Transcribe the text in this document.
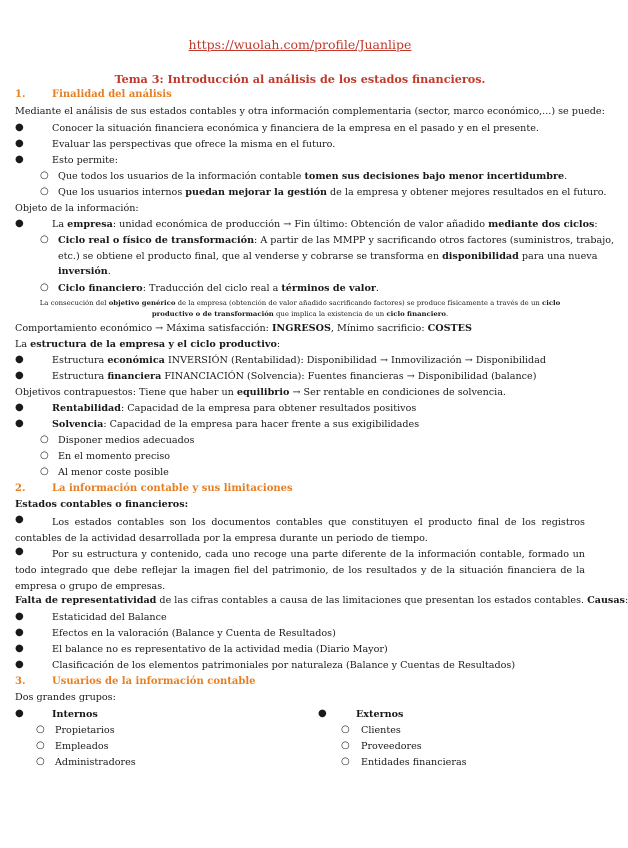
https://wuolah.com/profile/Juanlipe
Tema 3: Introducción al análisis de los estados financieros.
1.	Finalidad del análisis
Mediante el análisis de sus estados contables y otra información complementaria (sector, marco económico,...) se puede:
●	Conocer la situación financiera económica y financiera de la empresa en el pasado y en el presente.
●	Evaluar las perspectivas que ofrece la misma en el futuro.
●	Esto permite:
○ Que todos los usuarios de la información contable tomen sus decisiones bajo menor incertidumbre.
○ Que los usuarios internos puedan mejorar la gestión de la empresa y obtener mejores resultados en el futuro.
Objeto de la información:
●	La empresa: unidad económica de producción → Fin último: Obtención de valor añadido mediante dos ciclos:
○ Ciclo real o físico de transformación: A partir de las MMPP y sacrificando otros factores (suministros, trabajo,
etc.) se obtiene el producto final, que al venderse y cobrarse se transforma en disponibilidad para una nueva
inversión.
○ Ciclo financiero: Traducción del ciclo real a términos de valor.
La consecución del objetivo genérico de la empresa (obtención de valor añadido sacrificando factores) se produce físicamente a través de un ciclo
productivo o de transformación que implica la existencia de un ciclo financiero.
Comportamiento económico → Máxima satisfacción: INGRESOS, Mínimo sacrificio: COSTES
La estructura de la empresa y el ciclo productivo:
●	Estructura económica INVERSIÓN (Rentabilidad): Disponibilidad → Inmovilización → Disponibilidad
●	Estructura financiera FINANCIACIÓN (Solvencia): Fuentes financieras → Disponibilidad (balance)
Objetivos contrapuestos: Tiene que haber un equilibrio → Ser rentable en condiciones de solvencia.
●	Rentabilidad: Capacidad de la empresa para obtener resultados positivos
●	Solvencia: Capacidad de la empresa para hacer frente a sus exigibilidades
○ Disponer medios adecuados
○ En el momento preciso
○ Al menor coste posible
2.	La información contable y sus limitaciones
Estados contables o financieros:
●	Los estados contables son los documentos contables que constituyen el producto final de los registros contables de la actividad desarrollada por la empresa durante un periodo de tiempo.
●	Por su estructura y contenido, cada uno recoge una parte diferente de la información contable, formado un todo integrado que debe reflejar la imagen fiel del patrimonio, de los resultados y de la situación financiera de la empresa o grupo de empresas.
Falta de representatividad de las cifras contables a causa de las limitaciones que presentan los estados contables. Causas:
●	Estaticidad del Balance
●	Efectos en la valoración (Balance y Cuenta de Resultados)
●	El balance no es representativo de la actividad media (Diario Mayor)
●	Clasificación de los elementos patrimoniales por naturaleza (Balance y Cuentas de Resultados)
3.	Usuarios de la información contable
Dos grandes grupos:
●	Internos
○ Propietarios
○ Empleados
○ Administradores
●	Externos
○ Clientes
○ Proveedores
○ Entidades financieras
